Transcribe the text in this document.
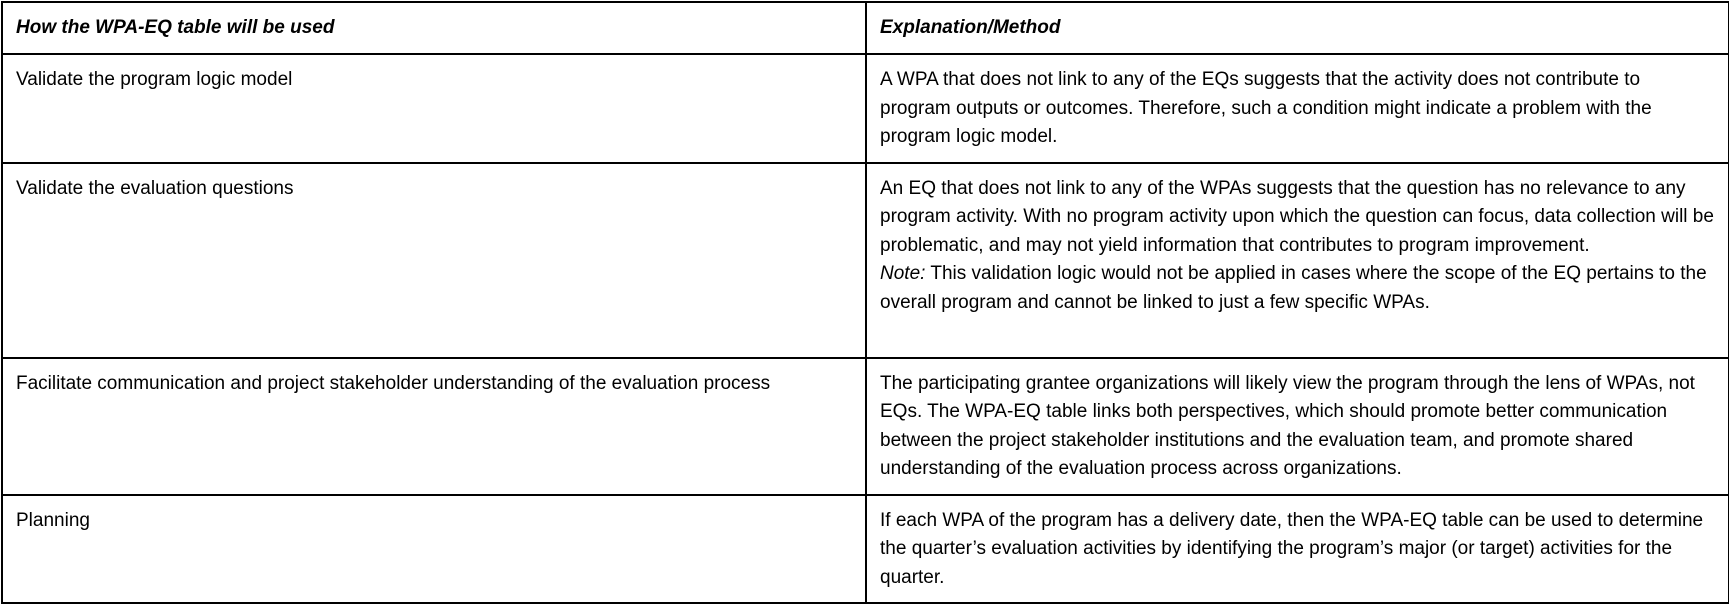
How the WPA-EQ table will be used	Explanation/Method
Validate the program logic model	A WPA that does not link to any of the EQs suggests that the activity does not contribute to program outputs or outcomes. Therefore, such a condition might indicate a problem with the program logic model.
Validate the evaluation questions	An EQ that does not link to any of the WPAs suggests that the question has no relevance to any program activity. With no program activity upon which the question can focus, data collection will be problematic, and may not yield information that contributes to program improvement.
Note: This validation logic would not be applied in cases where the scope of the EQ pertains to the overall program and cannot be linked to just a few specific WPAs.

Facilitate communication and project stakeholder understanding of the evaluation process	The participating grantee organizations will likely view the program through the lens of WPAs, not EQs. The WPA-EQ table links both perspectives, which should promote better communication between the project stakeholder institutions and the evaluation team, and promote shared understanding of the evaluation process across organizations.
Planning	If each WPA of the program has a delivery date, then the WPA-EQ table can be used to determine the quarter’s evaluation activities by identifying the program’s major (or target) activities for the quarter.
